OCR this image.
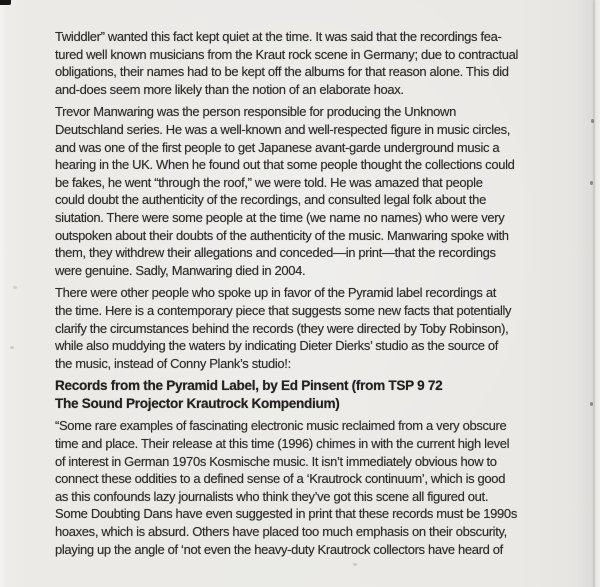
Twiddler” wanted this fact kept quiet at the time. It was said that the recordings fea-
tured well known musicians from the Kraut rock scene in Germany; due to contractual
obligations, their names had to be kept off the albums for that reason alone. This did
and-does seem more likely than the notion of an elaborate hoax.
Trevor Manwaring was the person responsible for producing the Unknown
Deutschland series. He was a well-known and well-respected figure in music circles,
and was one of the first people to get Japanese avant-garde underground music a
hearing in the UK. When he found out that some people thought the collections could
be fakes, he went “through the roof,” we were told. He was amazed that people
could doubt the authenticity of the recordings, and consulted legal folk about the
siutation. There were some people at the time (we name no names) who were very
outspoken about their doubts of the authenticity of the music. Manwaring spoke with
them, they withdrew their allegations and conceded—in print—that the recordings
were genuine. Sadly, Manwaring died in 2004.
There were other people who spoke up in favor of the Pyramid label recordings at
the time. Here is a contemporary piece that suggests some new facts that potentially
clarify the circumstances behind the records (they were directed by Toby Robinson),
while also muddying the waters by indicating Dieter Dierks’ studio as the source of
the music, instead of Conny Plank’s studio!:
Records from the Pyramid Label, by Ed Pinsent (from TSP 9 72
The Sound Projector Krautrock Kompendium)
“Some rare examples of fascinating electronic music reclaimed from a very obscure
time and place. Their release at this time (1996) chimes in with the current high level
of interest in German 1970s Kosmische music. It isn’t immediately obvious how to
connect these oddities to a defined sense of a ‘Krautrock continuum’, which is good
as this confounds lazy journalists who think they’ve got this scene all figured out.
Some Doubting Dans have even suggested in print that these records must be 1990s
hoaxes, which is absurd. Others have placed too much emphasis on their obscurity,
playing up the angle of ‘not even the heavy-duty Krautrock collectors have heard of
